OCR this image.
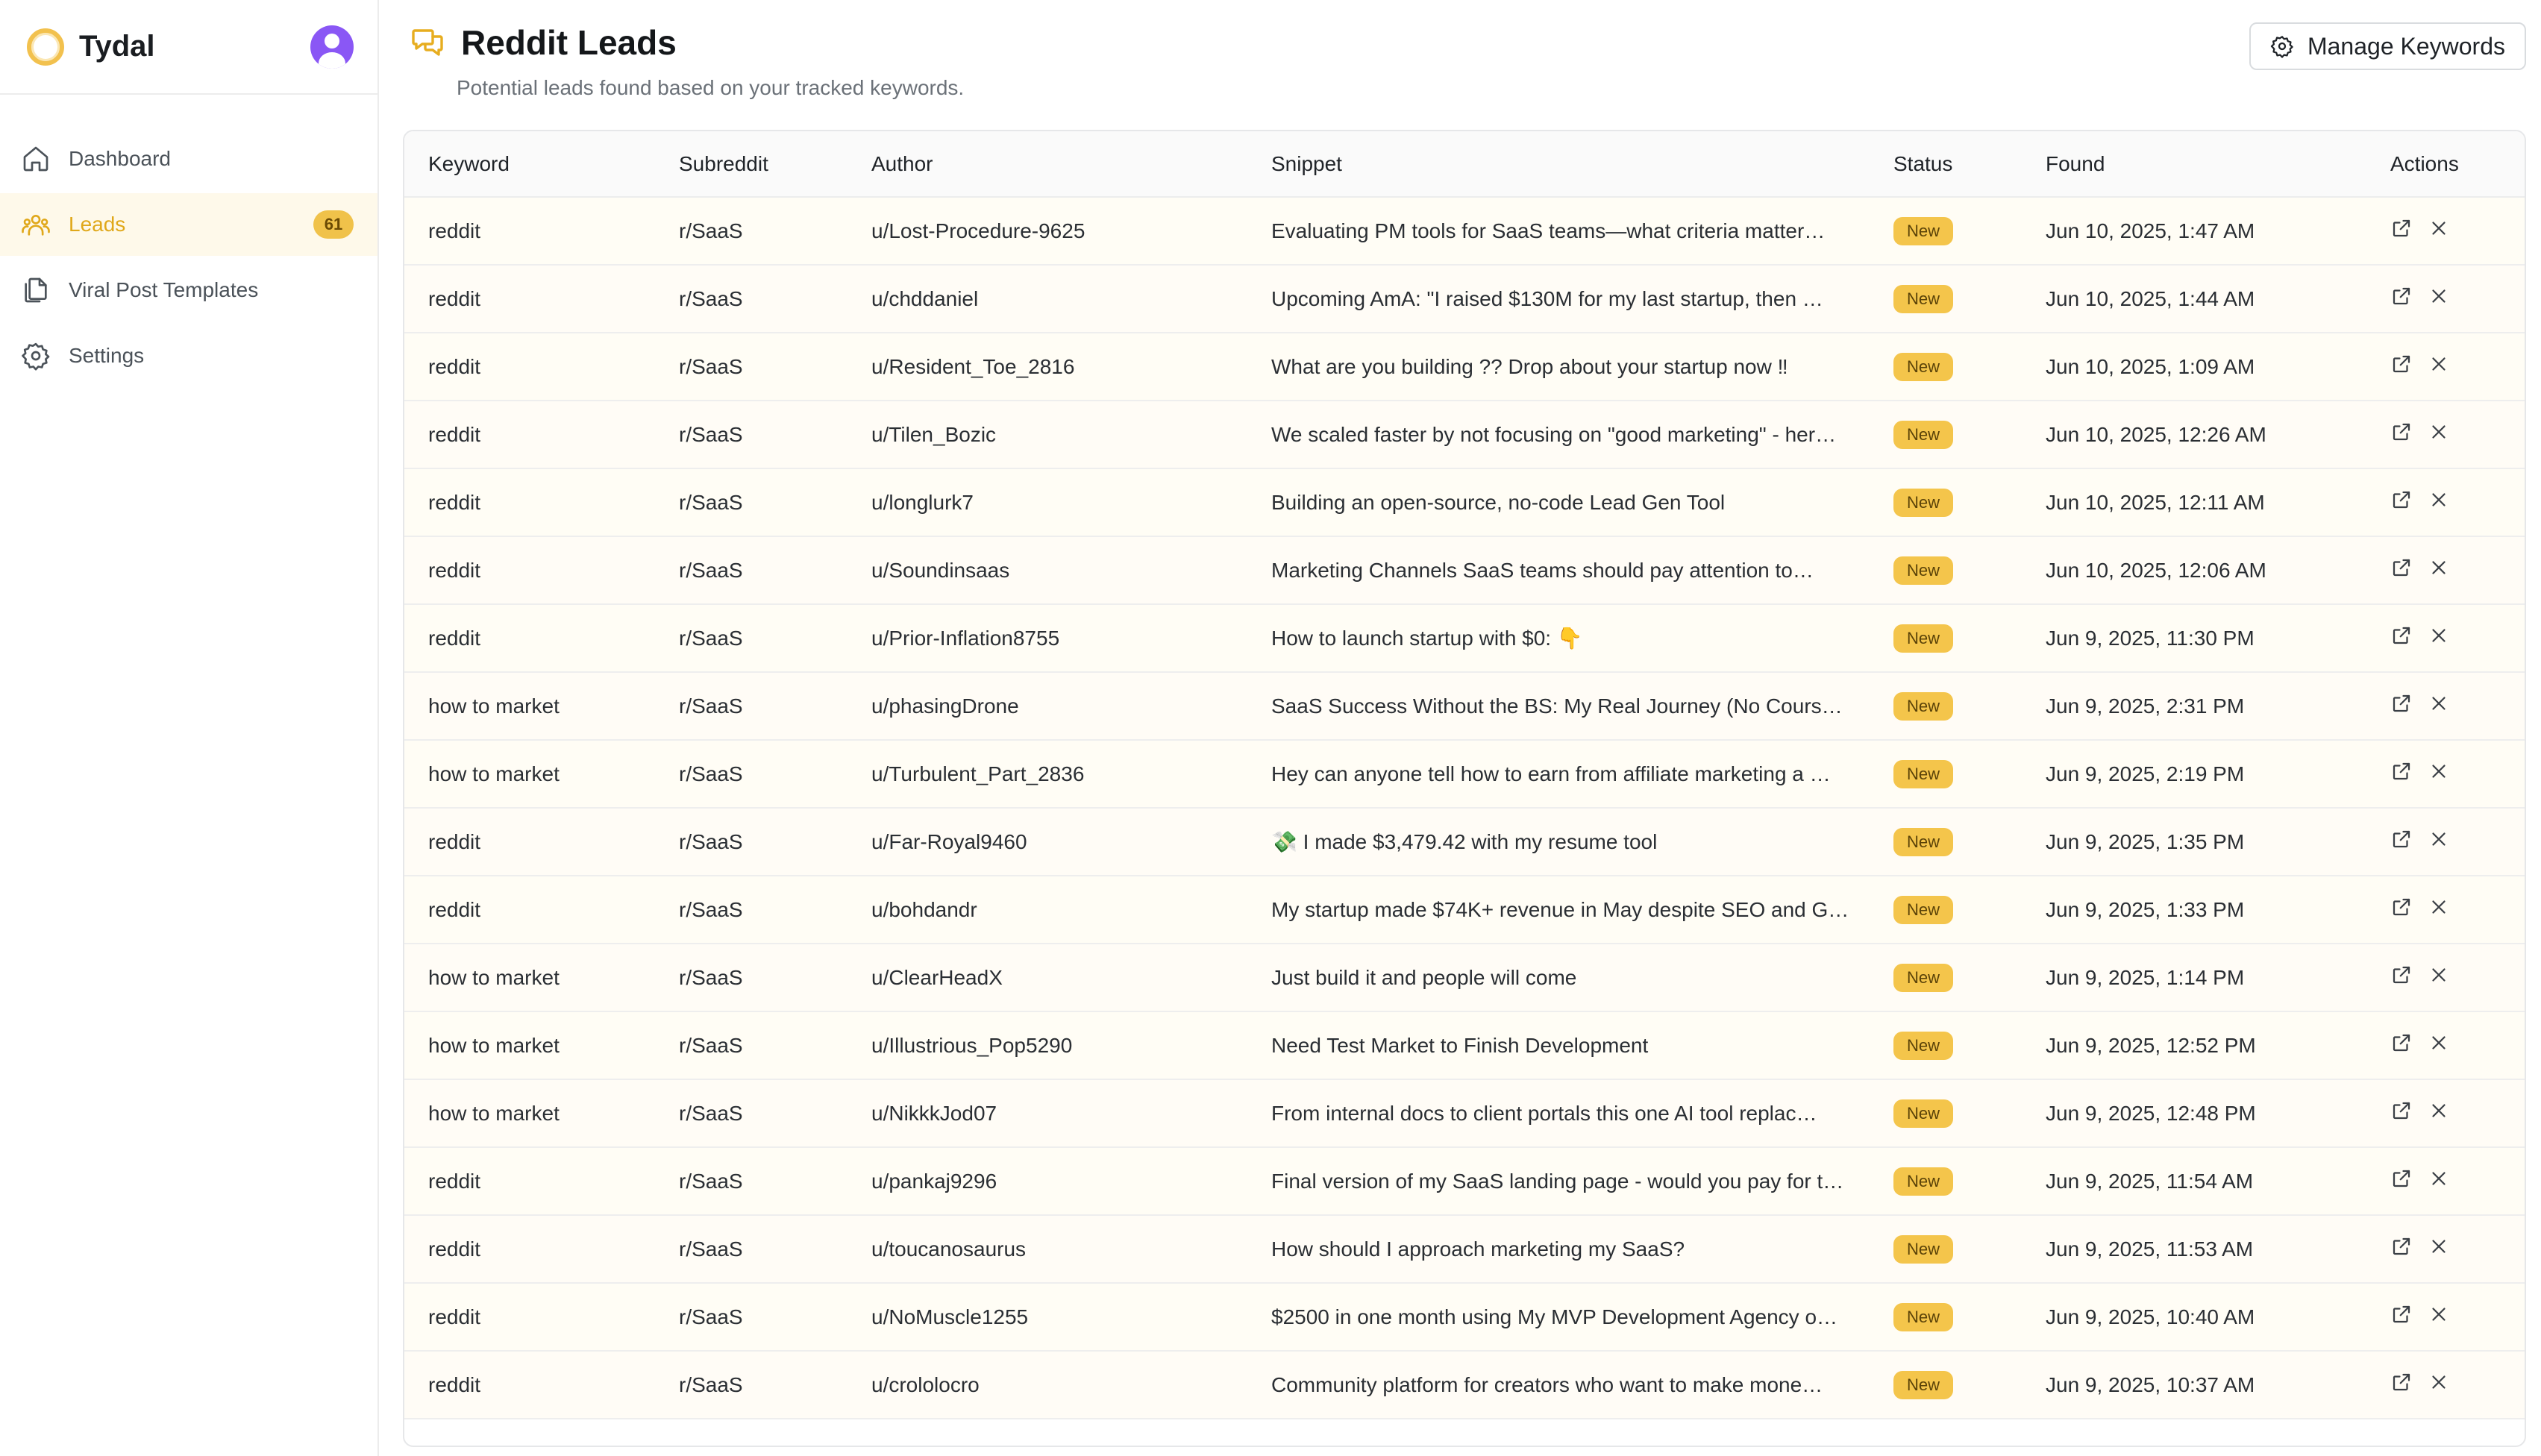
Tydal
Dashboard
Leads	61
Viral Post Templates
Settings
Reddit Leads

Potential leads found based on your tracked keywords.

Manage Keywords
Keyword	Subreddit	Author	Snippet	Status	Found	Actions
reddit	r/SaaS	u/Lost-Procedure-9625	Evaluating PM tools for SaaS teams—what criteria matter…	New	Jun 10, 2025, 1:47 AM	

reddit	r/SaaS	u/chddaniel	Upcoming AmA: "I raised $130M for my last startup, then …	New	Jun 10, 2025, 1:44 AM	

reddit	r/SaaS	u/Resident_Toe_2816	What are you building ?? Drop about your startup now ‼	New	Jun 10, 2025, 1:09 AM	

reddit	r/SaaS	u/Tilen_Bozic	We scaled faster by not focusing on "good marketing" - her…	New	Jun 10, 2025, 12:26 AM	

reddit	r/SaaS	u/longlurk7	Building an open-source, no-code Lead Gen Tool	New	Jun 10, 2025, 12:11 AM	

reddit	r/SaaS	u/Soundinsaas	Marketing Channels SaaS teams should pay attention to…	New	Jun 10, 2025, 12:06 AM	

reddit	r/SaaS	u/Prior-Inflation8755	How to launch startup with $0: 👇	New	Jun 9, 2025, 11:30 PM	

how to market	r/SaaS	u/phasingDrone	SaaS Success Without the BS: My Real Journey (No Cours…	New	Jun 9, 2025, 2:31 PM	

how to market	r/SaaS	u/Turbulent_Part_2836	Hey can anyone tell how to earn from affiliate marketing a …	New	Jun 9, 2025, 2:19 PM	

reddit	r/SaaS	u/Far-Royal9460	💸 I made $3,479.42 with my resume tool	New	Jun 9, 2025, 1:35 PM	

reddit	r/SaaS	u/bohdandr	My startup made $74K+ revenue in May despite SEO and G…	New	Jun 9, 2025, 1:33 PM	

how to market	r/SaaS	u/ClearHeadX	Just build it and people will come	New	Jun 9, 2025, 1:14 PM	

how to market	r/SaaS	u/Illustrious_Pop5290	Need Test Market to Finish Development	New	Jun 9, 2025, 12:52 PM	

how to market	r/SaaS	u/NikkkJod07	From internal docs to client portals this one AI tool replac…	New	Jun 9, 2025, 12:48 PM	

reddit	r/SaaS	u/pankaj9296	Final version of my SaaS landing page - would you pay for t…	New	Jun 9, 2025, 11:54 AM	

reddit	r/SaaS	u/toucanosaurus	How should I approach marketing my SaaS?	New	Jun 9, 2025, 11:53 AM	

reddit	r/SaaS	u/NoMuscle1255	$2500 in one month using My MVP Development Agency o…	New	Jun 9, 2025, 10:40 AM	

reddit	r/SaaS	u/crololocro	Community platform for creators who want to make mone…	New	Jun 9, 2025, 10:37 AM	
